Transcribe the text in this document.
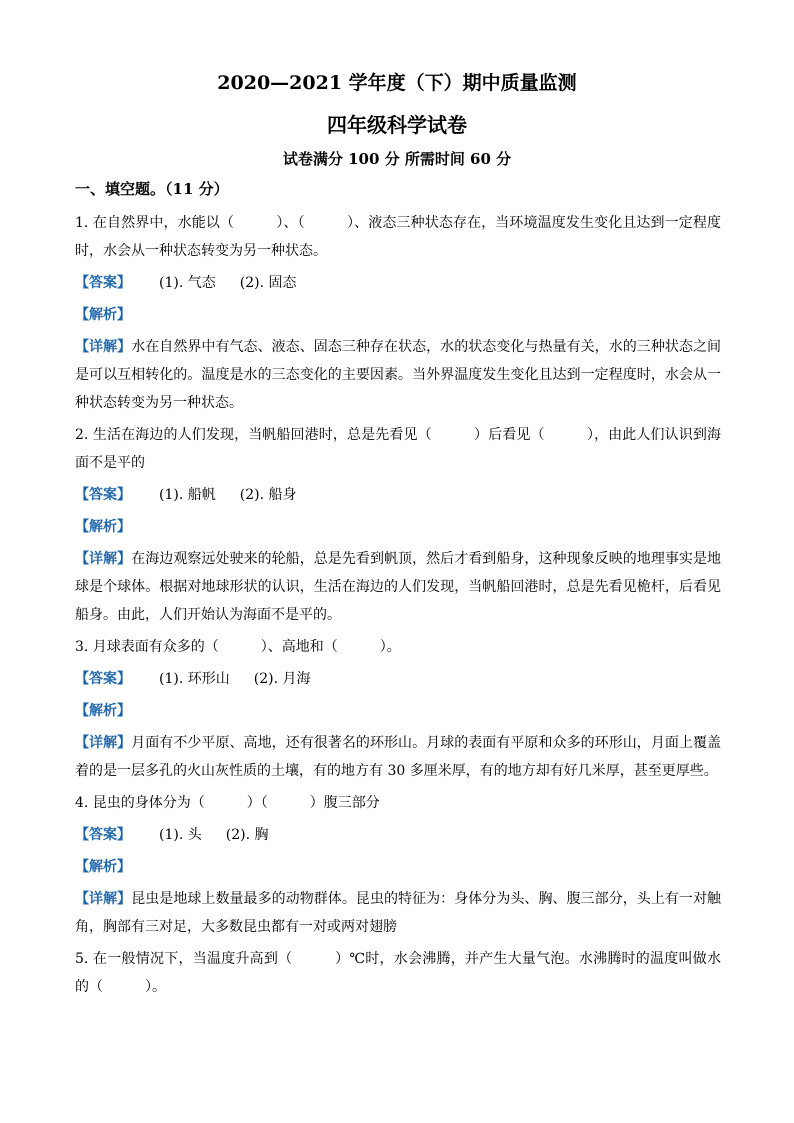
2020—2021 学年度（下）期中质量监测
四年级科学试卷
试卷满分 100 分 所需时间 60 分
一、填空题。（11 分）
1. 在自然界中，水能以（　　　）、（　　　）、液态三种状态存在，当环境温度发生变化且达到一定程度时，水会从一种状态转变为另一种状态。
【答案】 (1). 气态 (2). 固态
【解析】
【详解】水在自然界中有气态、液态、固态三种存在状态，水的状态变化与热量有关，水的三种状态之间是可以互相转化的。温度是水的三态变化的主要因素。当外界温度发生变化且达到一定程度时，水会从一种状态转变为另一种状态。
2. 生活在海边的人们发现，当帆船回港时，总是先看见（　　　）后看见（　　　），由此人们认识到海面不是平的
【答案】 (1). 船帆 (2). 船身
【解析】
【详解】在海边观察远处驶来的轮船，总是先看到帆顶，然后才看到船身，这种现象反映的地理事实是地球是个球体。根据对地球形状的认识，生活在海边的人们发现，当帆船回港时，总是先看见桅杆，后看见船身。由此，人们开始认为海面不是平的。
3. 月球表面有众多的（　　　）、高地和（　　　）。
【答案】 (1). 环形山 (2). 月海
【解析】
【详解】月面有不少平原、高地，还有很著名的环形山。月球的表面有平原和众多的环形山，月面上覆盖着的是一层多孔的火山灰性质的土壤，有的地方有 30 多厘米厚，有的地方却有好几米厚，甚至更厚些。
4. 昆虫的身体分为（　　　）（　　　）腹三部分
【答案】 (1). 头 (2). 胸
【解析】
【详解】昆虫是地球上数量最多的动物群体。昆虫的特征为：身体分为头、胸、腹三部分，头上有一对触角，胸部有三对足，大多数昆虫都有一对或两对翅膀
5. 在一般情况下，当温度升高到（　　　）℃时，水会沸腾，并产生大量气泡。水沸腾时的温度叫做水的（　　　）。
